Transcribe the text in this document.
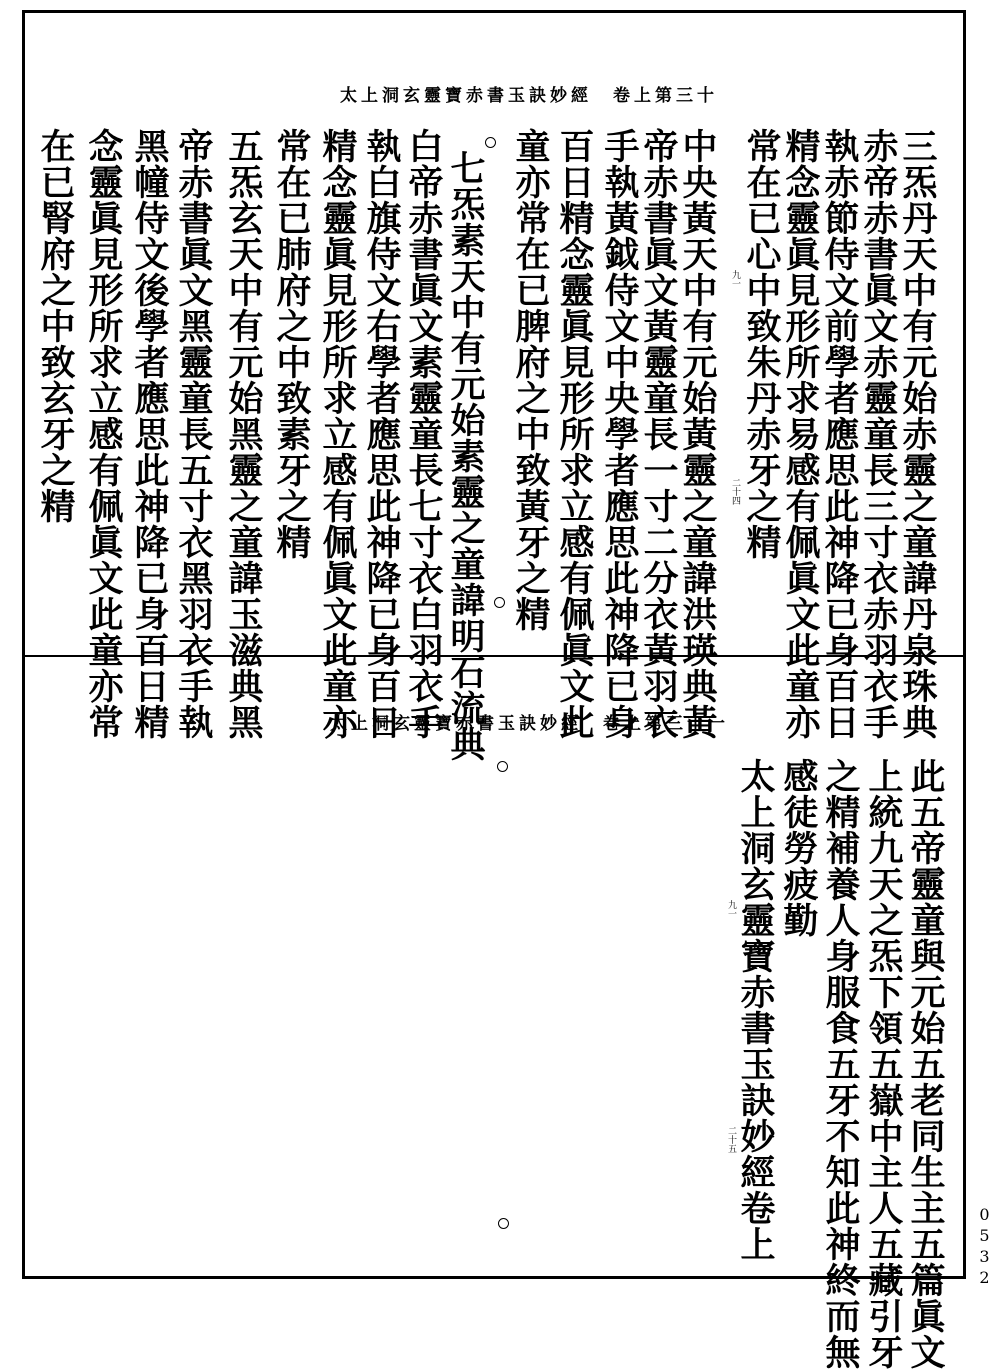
太上洞玄靈寶赤書玉訣妙經　卷上第三十
三炁丹天中有元始赤靈之童諱丹泉珠典
赤帝赤書眞文赤靈童長三寸衣赤羽衣手
執赤節侍文前學者應思此神降已身百日
精念靈眞見形所求易感有佩眞文此童亦
常在已心中致朱丹赤牙之精
九一
二十四
中央黃天中有元始黃靈之童諱洪瑛典黃
帝赤書眞文黃靈童長一寸二分衣黃羽衣
手執黃鉞侍文中央學者應思此神降已身
百日精念靈眞見形所求立感有佩眞文此
童亦常在已脾府之中致黃牙之精
七炁素天中有元始素靈之童諱明石流典
白帝赤書眞文素靈童長七寸衣白羽衣手
執白旗侍文右學者應思此神降已身百日
精念靈眞見形所求立感有佩眞文此童亦
常在已肺府之中致素牙之精
五炁玄天中有元始黑靈之童諱玉滋典黑
帝赤書眞文黑靈童長五寸衣黑羽衣手執
黑幢侍文後學者應思此神降已身百日精
念靈眞見形所求立感有佩眞文此童亦常
在已腎府之中致玄牙之精
太上洞玄靈寶赤書玉訣妙經　卷上第三十一
此五帝靈童與元始五老同生主五篇眞文
上統九天之炁下領五嶽中主人五藏引牙
之精補養人身服食五牙不知此神終而無
感徒勞疲勤
太上洞玄靈寶赤書玉訣妙經卷上
九一
二十五
0532
